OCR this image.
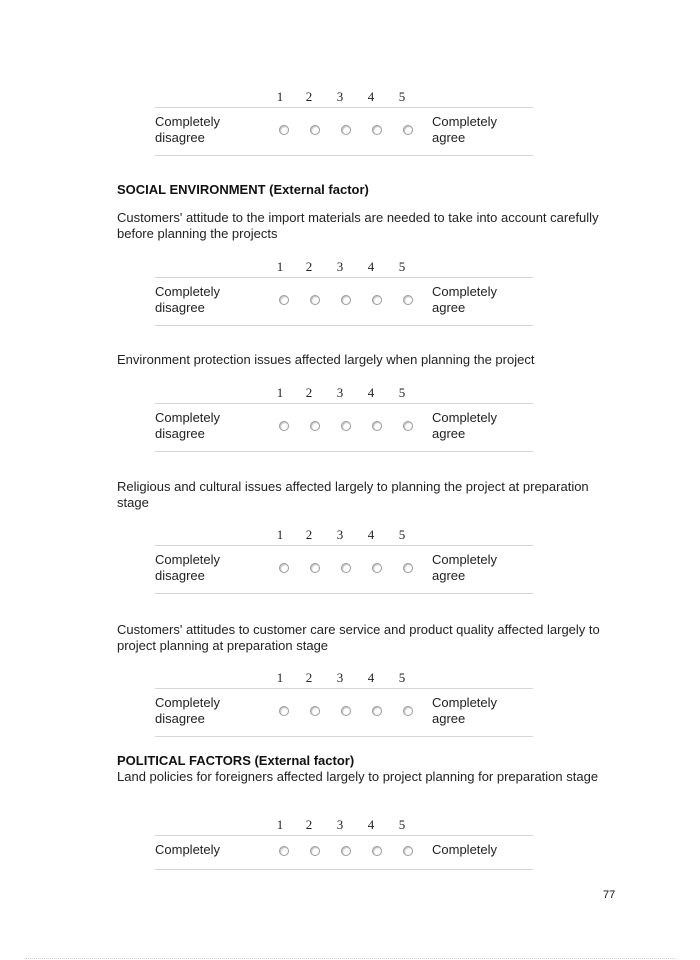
1	2	3	4	5
Completely disagree
Completely agree
SOCIAL ENVIRONMENT (External factor)
Customers' attitude to the import materials are needed to take into account carefully before planning the projects
1	2	3	4	5
Completely disagree
Completely agree
Environment protection issues affected largely when planning the project
1	2	3	4	5
Completely disagree
Completely agree
Religious and cultural issues affected largely to planning the project at preparation stage
1	2	3	4	5
Completely disagree
Completely agree
Customers' attitudes to customer care service and product quality affected largely to project planning at preparation stage
1	2	3	4	5
Completely disagree
Completely agree
POLITICAL FACTORS (External factor)
Land policies for foreigners affected largely to project planning for preparation stage
1	2	3	4	5
Completely	Completely
77
